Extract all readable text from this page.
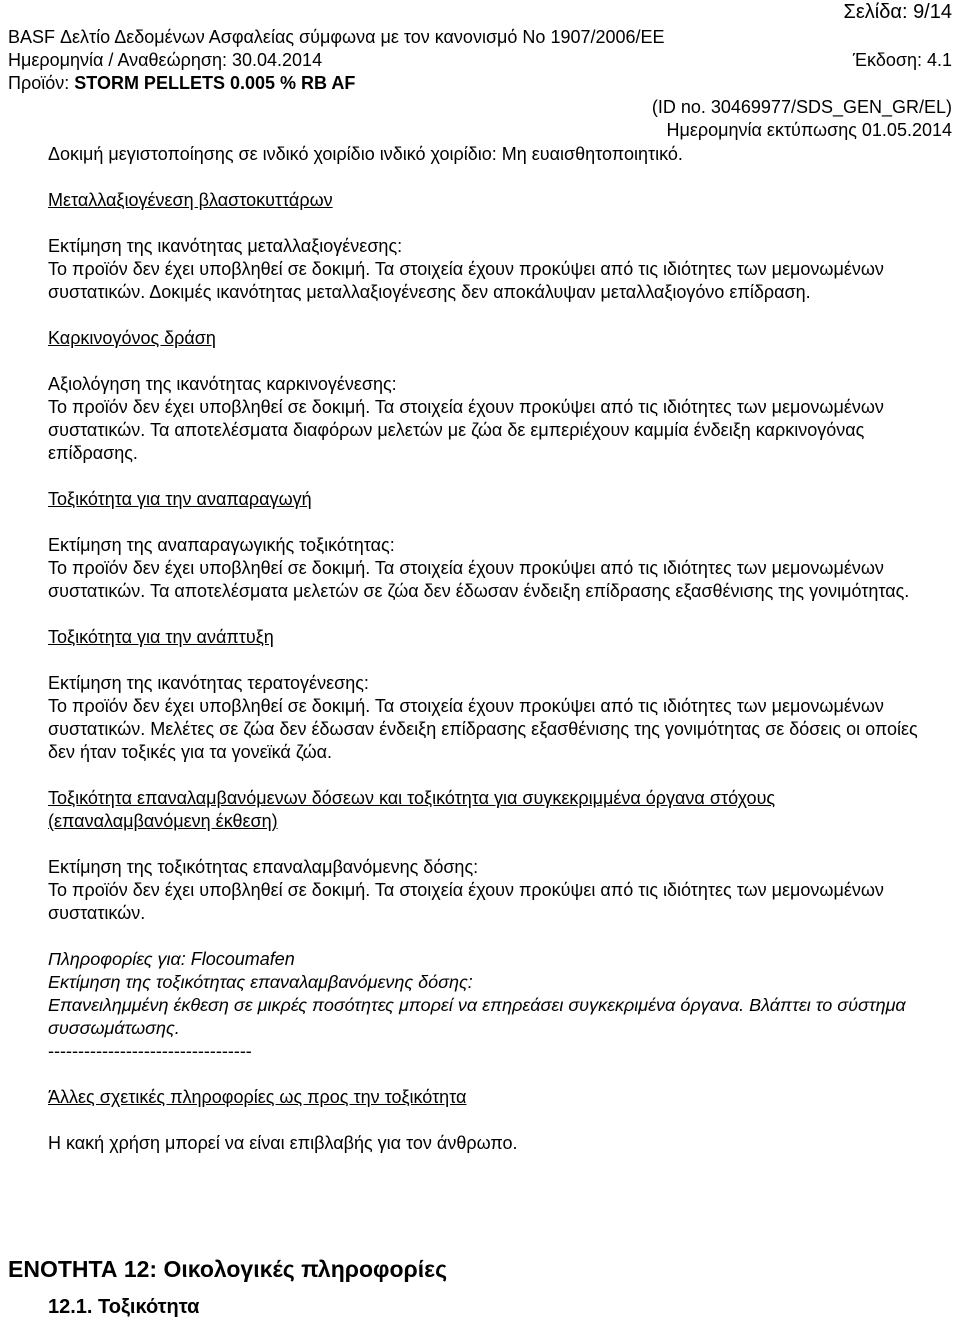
Σελίδα: 9/14
BASF Δελτίο Δεδομένων Ασφαλείας σύμφωνα με τον κανονισμό Νο 1907/2006/ΕΕ
Ημερομηνία / Αναθεώρηση: 30.04.2014	Έκδοση: 4.1
Προϊόν: STORM PELLETS 0.005 % RB AF
(ID no. 30469977/SDS_GEN_GR/EL)
Ημερομηνία εκτύπωσης 01.05.2014

Δοκιμή μεγιστοποίησης σε ινδικό χοιρίδιο ινδικό χοιρίδιο: Μη ευαισθητοποιητικό.

Μεταλλαξιογένεση βλαστοκυττάρων

Εκτίμηση της ικανότητας μεταλλαξιογένεσης:

Το προϊόν δεν έχει υποβληθεί σε δοκιμή. Τα στοιχεία έχουν προκύψει από τις ιδιότητες των μεμονωμένων συστατικών. Δοκιμές ικανότητας μεταλλαξιογένεσης δεν αποκάλυψαν μεταλλαξιογόνο επίδραση.

Καρκινογόνος δράση

Αξιολόγηση της ικανότητας καρκινογένεσης:

Το προϊόν δεν έχει υποβληθεί σε δοκιμή. Τα στοιχεία έχουν προκύψει από τις ιδιότητες των μεμονωμένων συστατικών. Τα αποτελέσματα διαφόρων μελετών με ζώα δε εμπεριέχουν καμμία ένδειξη καρκινογόνας επίδρασης.

Τοξικότητα για την αναπαραγωγή

Εκτίμηση της αναπαραγωγικής τοξικότητας:

Το προϊόν δεν έχει υποβληθεί σε δοκιμή. Τα στοιχεία έχουν προκύψει από τις ιδιότητες των μεμονωμένων συστατικών. Τα αποτελέσματα μελετών σε ζώα δεν έδωσαν ένδειξη επίδρασης εξασθένισης της γονιμότητας.

Τοξικότητα για την ανάπτυξη

Εκτίμηση της ικανότητας τερατογένεσης:

Το προϊόν δεν έχει υποβληθεί σε δοκιμή. Τα στοιχεία έχουν προκύψει από τις ιδιότητες των μεμονωμένων συστατικών. Μελέτες σε ζώα δεν έδωσαν ένδειξη επίδρασης εξασθένισης της γονιμότητας σε δόσεις οι οποίες δεν ήταν τοξικές για τα γονεϊκά ζώα.

Τοξικότητα επαναλαμβανόμενων δόσεων και τοξικότητα για συγκεκριμμένα όργανα στόχους (επαναλαμβανόμενη έκθεση)

Εκτίμηση της τοξικότητας επαναλαμβανόμενης δόσης:

Το προϊόν δεν έχει υποβληθεί σε δοκιμή. Τα στοιχεία έχουν προκύψει από τις ιδιότητες των μεμονωμένων συστατικών.

Πληροφορίες για: Flocoumafen

Εκτίμηση της τοξικότητας επαναλαμβανόμενης δόσης:

Επανειλημμένη έκθεση σε μικρές ποσότητες μπορεί να επηρεάσει συγκεκριμένα όργανα. Βλάπτει το σύστημα συσσωμάτωσης.

----------------------------------

Άλλες σχετικές πληροφορίες ως προς την τοξικότητα

Η κακή χρήση μπορεί να είναι επιβλαβής για τον άνθρωπο.

ΕΝΟΤΗΤΑ 12: Οικολογικές πληροφορίες
12.1. Τοξικότητα
